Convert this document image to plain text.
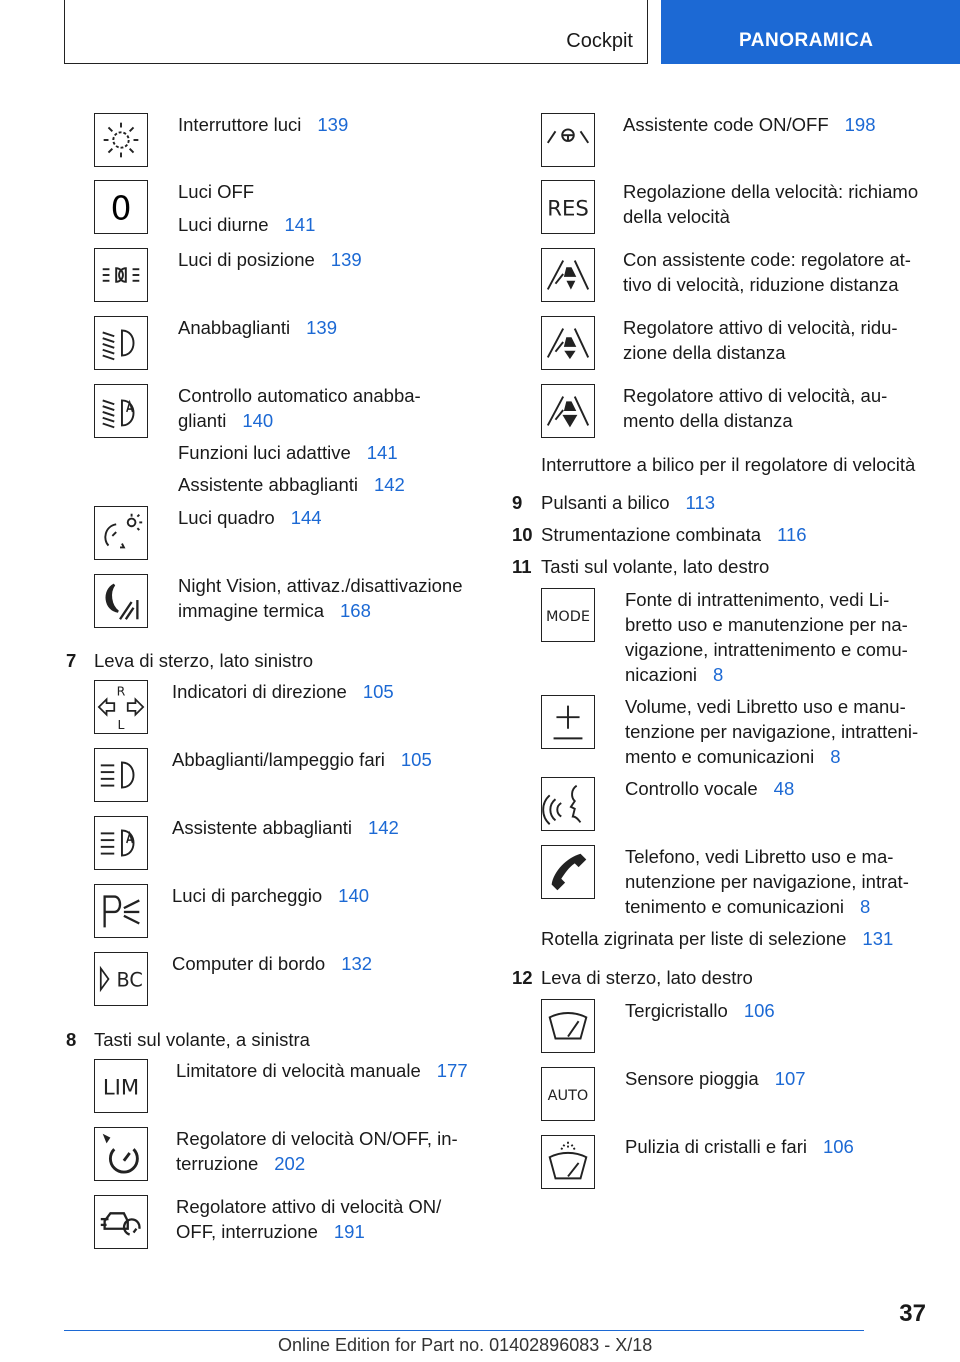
Cockpit	PANORAMICA
Interruttore luci 139
0	Luci OFF
Luci diurne 141
Luci di posizione 139
Anabbaglianti 139
Controllo automatico anabba-
glianti 140
Funzioni luci adattive 141
Assistente abbaglianti 142
Luci quadro 144
Night Vision, attivaz./disattivazione
immagine termica 168
7 Leva di sterzo, lato sinistro
R
L
Indicatori di direzione 105
Abbaglianti/lampeggio fari 105
Assistente abbaglianti 142
Luci di parcheggio 140
BC
Computer di bordo 132
8 Tasti sul volante, a sinistra
LIM
Limitatore di velocità manuale 177
Regolatore di velocità ON/OFF, in-
terruzione 202
Regolatore attivo di velocità ON/
OFF, interruzione 191
Assistente code ON/OFF 198
RES
Regolazione della velocità: richiamo
della velocità
Con assistente code: regolatore at-
tivo di velocità, riduzione distanza
Regolatore attivo di velocità, ridu-
zione della distanza
Regolatore attivo di velocità, au-
mento della distanza
Interruttore a bilico per il regolatore di velocità
9 Pulsanti a bilico 113
10 Strumentazione combinata 116
11 Tasti sul volante, lato destro
MODE
Fonte di intrattenimento, vedi Li-
bretto uso e manutenzione per na-
vigazione, intrattenimento e comu-
nicazioni 8
Volume, vedi Libretto uso e manu-
tenzione per navigazione, intratteni-
mento e comunicazioni 8
Controllo vocale 48
Telefono, vedi Libretto uso e ma-
nutenzione per navigazione, intrat-
tenimento e comunicazioni 8
Rotella zigrinata per liste di selezione 131
12 Leva di sterzo, lato destro
Tergicristallo 106
AUTO
Sensore pioggia 107
Pulizia di cristalli e fari 106
37
Online Edition for Part no. 01402896083 - X/18
